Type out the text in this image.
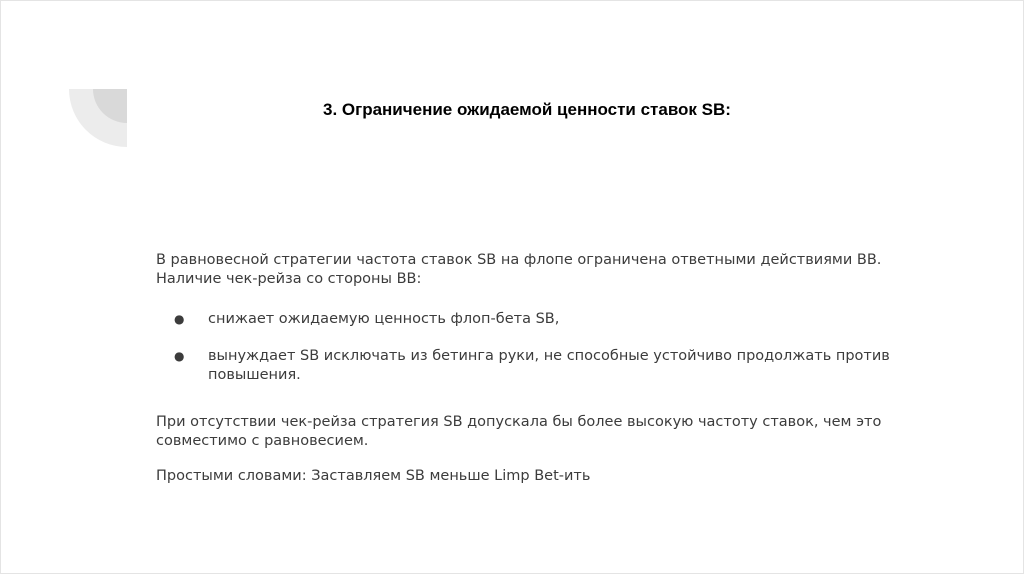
3. Ограничение ожидаемой ценности ставок SB:

В равновесной стратегии частота ставок SB на флопе ограничена ответными действиями BB.
Наличие чек-рейза со стороны BB:

● снижает ожидаемую ценность флоп-бета SB,
● вынуждает SB исключать из бетинга руки, не способные устойчиво продолжать против повышения.

При отсутствии чек-рейза стратегия SB допускала бы более высокую частоту ставок, чем это совместимо с равновесием.

Простыми словами: Заставляем SB меньше Limp Bet-ить
